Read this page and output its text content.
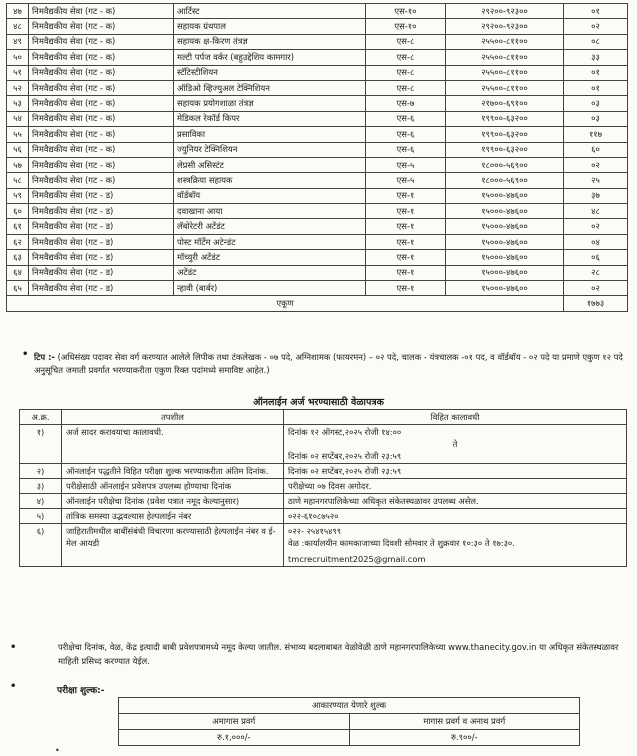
४७	निमवैद्यकीय सेवा (गट - क)	आर्टिस्ट	एस-१०	२९२००-९२३००	०१
४८	निमवैद्यकीय सेवा (गट - क)	सहायक ग्रंथपाल	एस-१०	२९२००-९२३००	०२
४९	निमवैद्यकीय सेवा (गट - क)	सहायक क्ष-किरण तंत्रज्ञ	एस-८	२५५००-८११००	०८
५०	निमवैद्यकीय सेवा (गट - क)	मल्टी पर्पज वर्कर (बहुउद्देशिय कामगार)	एस-८	२५५००-८११००	३३
५१	निमवैद्यकीय सेवा (गट - क)	स्टॅटिस्टीशियन	एस-८	२५५००-८११००	०१
५२	निमवैद्यकीय सेवा (गट - क)	ऑडिओ व्हिज्युअल टेक्निशियन	एस-८	२५५००-८११००	०१
५३	निमवैद्यकीय सेवा (गट - क)	सहायक प्रयोगशाळा तंत्रज्ञ	एस-७	२१७००-६९१००	०३
५४	निमवैद्यकीय सेवा (गट - क)	मेडिकल रेकॉर्ड किपर	एस-६	१९९००-६३२००	०३
५५	निमवैद्यकीय सेवा (गट - क)	प्रसाविका	एस-६	१९९००-६३२००	११७
५६	निमवैद्यकीय सेवा (गट - क)	ज्युनियर टेक्निशियन	एस-६	१९९००-६३२००	६०
५७	निमवैद्यकीय सेवा (गट - क)	लेप्रसी असिस्टंट	एस-५	१८०००-५६९००	०२
५८	निमवैद्यकीय सेवा (गट - क)	शस्त्रक्रिया सहायक	एस-५	१८०००-५६९००	२५
५९	निमवैद्यकीय सेवा (गट - ड)	वॉर्डबॉय	एस-१	१५०००-४७६००	३७
६०	निमवैद्यकीय सेवा (गट - ड)	दवाखाना आया	एस-१	१५०००-४७६००	४८
६१	निमवैद्यकीय सेवा (गट - ड)	लॅबोरेटरी अटेंडंट	एस-१	१५०००-४७६००	०२
६२	निमवैद्यकीय सेवा (गट - ड)	पोस्ट मॉर्टेम अटेन्डंट	एस-१	१५०००-४७६००	०४
६३	निमवैद्यकीय सेवा (गट - ड)	मॉच्युरी अटेंडंट	एस-१	१५०००-४७६००	०६
६४	निमवैद्यकीय सेवा (गट - ड)	अटेंडंट	एस-१	१५०००-४७६००	२८
६५	निमवैद्यकीय सेवा (गट - ड)	न्हावी (बार्बर)	एस-१	१५०००-४७६००	०२
एकूण					१७७३
• टिप :- (अधिसंख्य पदावर सेवा वर्ग करण्यात आलेले लिपीक तथा टंकलेखक - ०७ पदे, अग्निशामक (फायरमन) – ०२ पदे, चालक - यंत्रचालक -०१ पद, व वॉर्डबॉय - ०२ पदे या प्रमाणे एकुण १२ पदे अनुसूचित जमाती प्रवर्गात भरण्याकरीता एकुण रिक्त पदांमध्ये समाविष्ट आहेत.)
ऑनलाईन अर्ज भरण्यासाठी वेळापत्रक
अ.क्र.	तपशील	विहित कालावधी
१)	अर्ज सादर करावयाचा कालावधी.	दिनांक १२ ऑगस्ट,२०२५ रोजी १४:००
ते
दिनांक ०२ सप्टेंबर,२०२५ रोजी २३:५९

२)	ऑनलाईन पद्धतीने विहित परीक्षा शुल्क भरण्याकरीता अंतिम दिनांक.	दिनांक ०२ सप्टेंबर,२०२५ रोजी २३:५९

३)	परीक्षेसाठी ऑनलाईन प्रवेशपत्र उपलब्ध होण्याचा दिनांक	परीक्षेच्या ०७ दिवस अगोदर.

४)	ऑनलाईन परीक्षेचा दिनांक (प्रवेश पत्रात नमूद केल्यानुसार)	ठाणे महानगरपालिकेच्या अधिकृत संकेतस्थळावर उपलब्ध असेल.

५)	तांत्रिक समस्या उद्भवल्यास हेल्पलाईन नंबर	०२२-६१०८७५२०

६)	जाहिरातीमधील बाबींसंबंधी विचारणा करण्यासाठी हेल्पलाईन नंबर व ई-मेल आयडी	०२२- २५४१५४९९
वेळ :कार्यालयीन कामकाजाच्या दिवशी सोमवार ते शुक्रवार १०:३० ते १७:३०.
tmcrecruitment2025@gmail.com
•	परीक्षेचा दिनांक, वेळ, केंद्र इत्यादी बाबी प्रवेशपत्रामध्ये नमूद केल्या जातील. संभाव्य बदलाबाबत वेळोवेळी ठाणे महानगरपालिकेच्या www.thanecity.gov.in या अधिकृत संकेतस्थळावर माहिती प्रसिध्द करण्यात येईल.
•	परीक्षा शुल्क:-
आकारण्यात येणारे शुल्क	
अमागास प्रवर्ग	मागास प्रवर्ग व अनाथ प्रवर्ग
रु.१,०००/-	रु.९००/-
•
